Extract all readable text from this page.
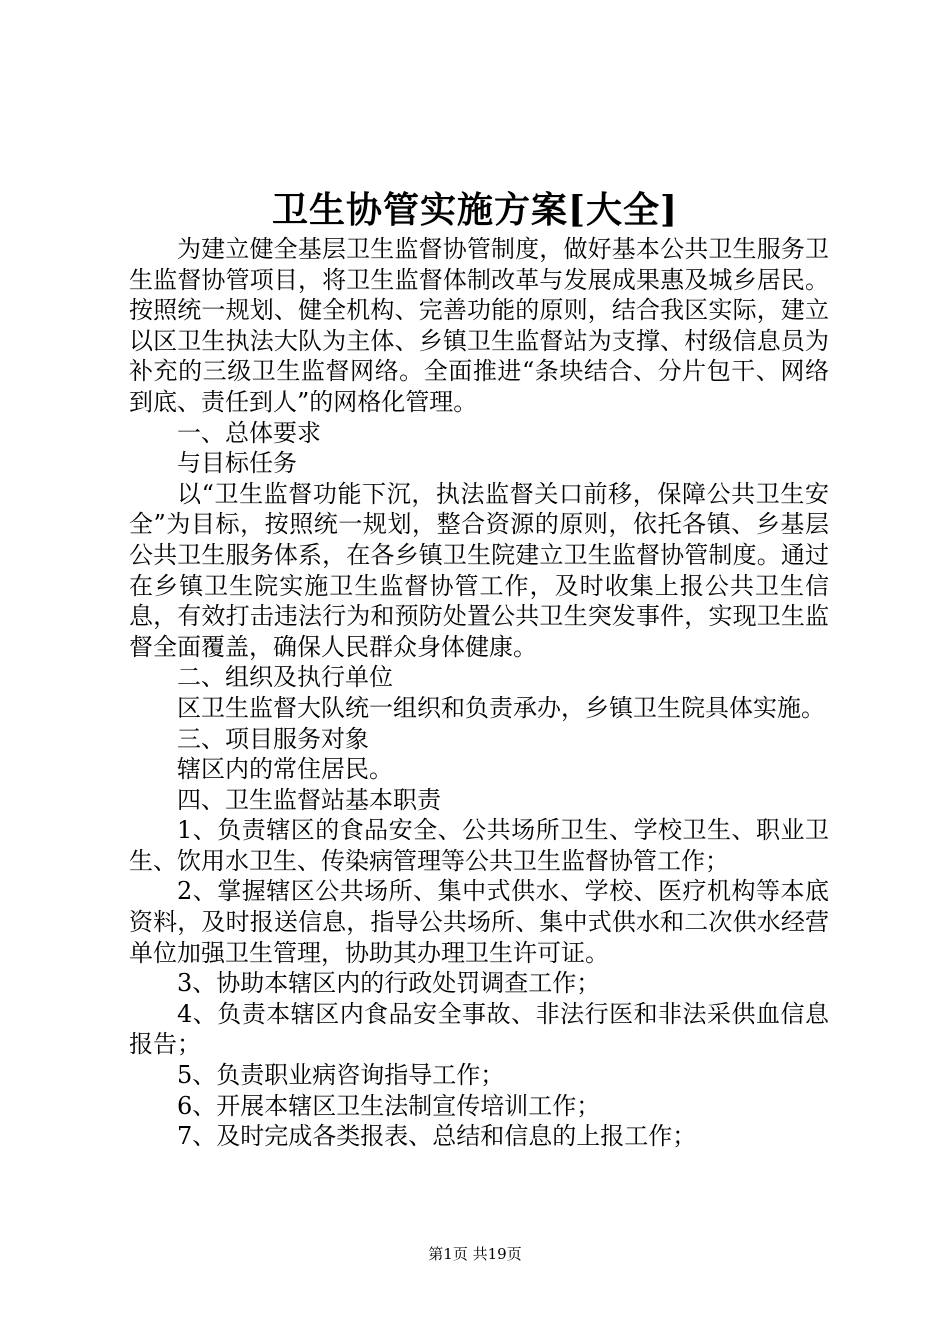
卫生协管实施方案[大全]

为建立健全基层卫生监督协管制度，做好基本公共卫生服务卫生监督协管项目，将卫生监督体制改革与发展成果惠及城乡居民。按照统一规划、健全机构、完善功能的原则，结合我区实际，建立以区卫生执法大队为主体、乡镇卫生监督站为支撑、村级信息员为补充的三级卫生监督网络。全面推进“条块结合、分片包干、网络到底、责任到人”的网格化管理。

一、总体要求

与目标任务

以“卫生监督功能下沉，执法监督关口前移，保障公共卫生安全”为目标，按照统一规划，整合资源的原则，依托各镇、乡基层公共卫生服务体系，在各乡镇卫生院建立卫生监督协管制度。通过在乡镇卫生院实施卫生监督协管工作，及时收集上报公共卫生信息，有效打击违法行为和预防处置公共卫生突发事件，实现卫生监督全面覆盖，确保人民群众身体健康。

二、组织及执行单位

区卫生监督大队统一组织和负责承办，乡镇卫生院具体实施。

三、项目服务对象

辖区内的常住居民。

四、卫生监督站基本职责

1、负责辖区的食品安全、公共场所卫生、学校卫生、职业卫生、饮用水卫生、传染病管理等公共卫生监督协管工作；

2、掌握辖区公共场所、集中式供水、学校、医疗机构等本底资料，及时报送信息，指导公共场所、集中式供水和二次供水经营单位加强卫生管理，协助其办理卫生许可证。

3、协助本辖区内的行政处罚调查工作；

4、负责本辖区内食品安全事故、非法行医和非法采供血信息报告；

5、负责职业病咨询指导工作；

6、开展本辖区卫生法制宣传培训工作；

7、及时完成各类报表、总结和信息的上报工作；

第1页 共19页
